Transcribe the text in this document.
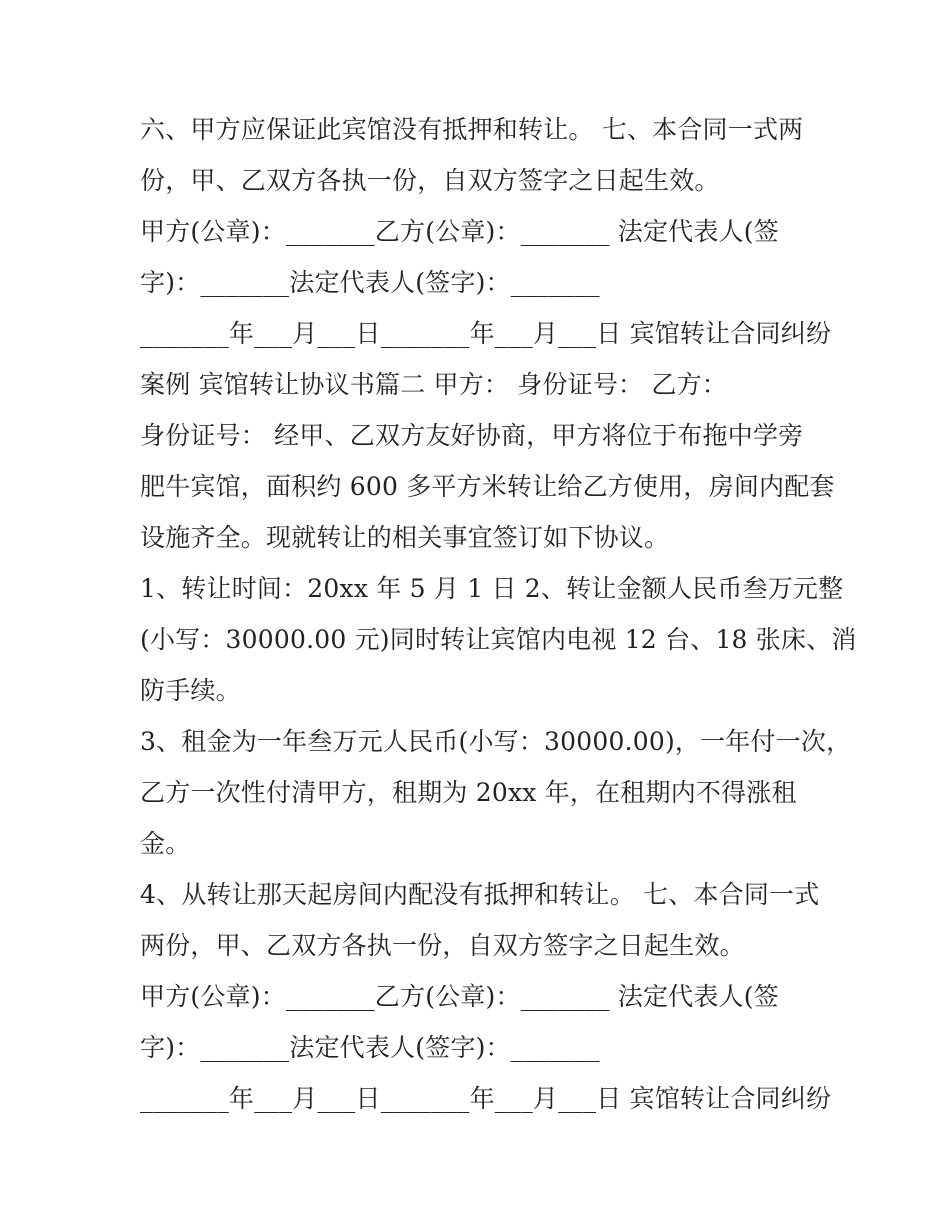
六、甲方应保证此宾馆没有抵押和转让。 七、本合同一式两
份，甲、乙双方各执一份，自双方签字之日起生效。
甲方(公章)：_______乙方(公章)：_______ 法定代表人(签
字)：_______法定代表人(签字)：_______
_______年___月___日_______年___月___日 宾馆转让合同纠纷
案例 宾馆转让协议书篇二 甲方： 身份证号： 乙方：
身份证号： 经甲、乙双方友好协商，甲方将位于布拖中学旁
肥牛宾馆，面积约 600 多平方米转让给乙方使用，房间内配套
设施齐全。现就转让的相关事宜签订如下协议。
1、转让时间：20xx 年 5 月 1 日 2、转让金额人民币叁万元整
(小写：30000.00 元)同时转让宾馆内电视 12 台、18 张床、消
防手续。
3、租金为一年叁万元人民币(小写：30000.00)，一年付一次，
乙方一次性付清甲方，租期为 20xx 年，在租期内不得涨租
金。
4、从转让那天起房间内配没有抵押和转让。 七、本合同一式
两份，甲、乙双方各执一份，自双方签字之日起生效。
甲方(公章)：_______乙方(公章)：_______ 法定代表人(签
字)：_______法定代表人(签字)：_______
_______年___月___日_______年___月___日 宾馆转让合同纠纷
